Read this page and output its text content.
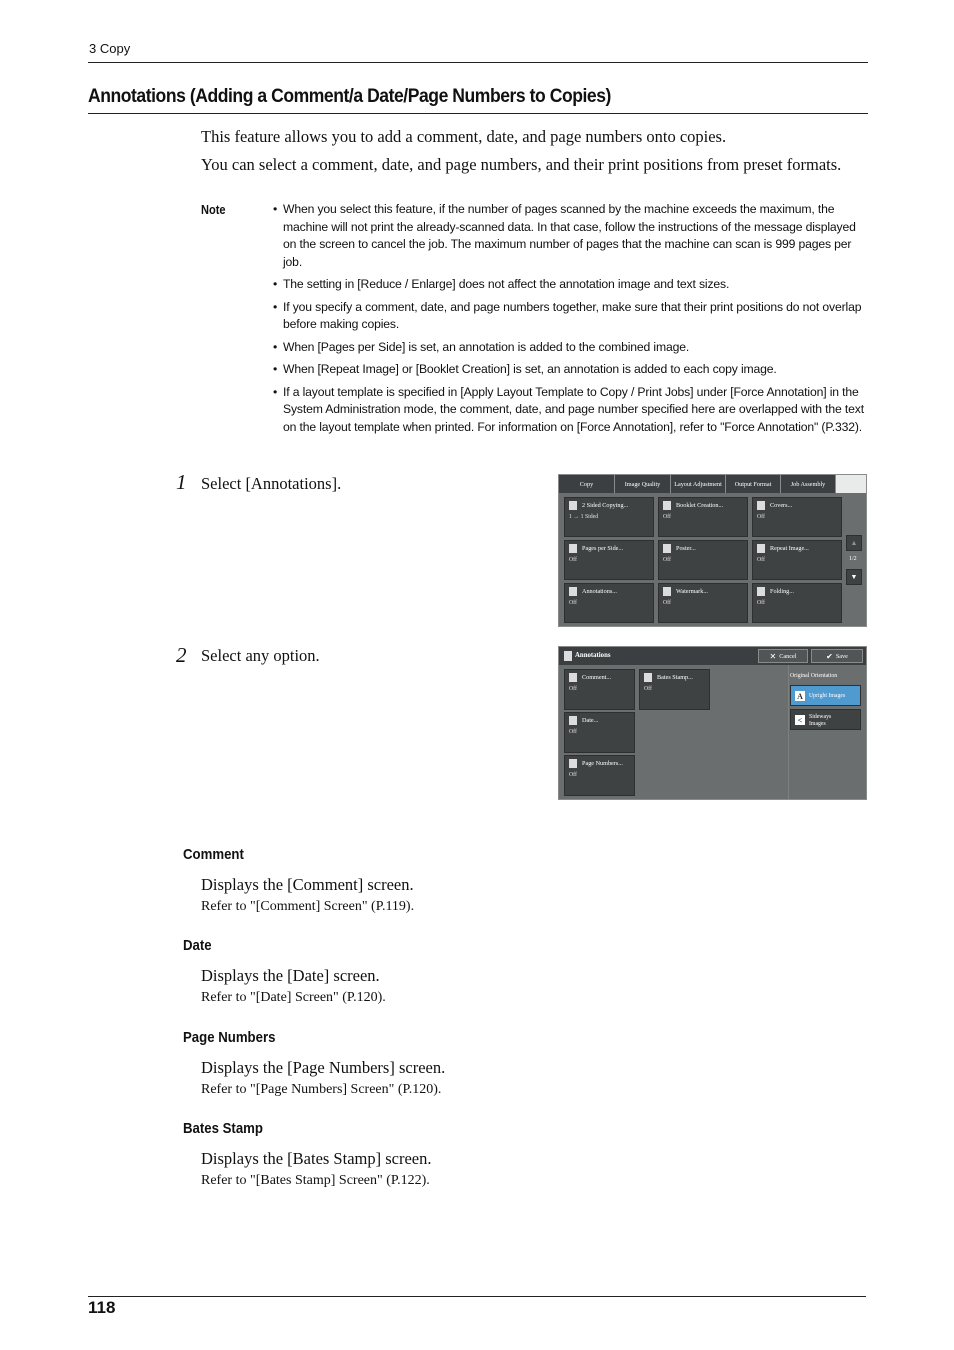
3 Copy
Annotations (Adding a Comment/a Date/Page Numbers to Copies)
This feature allows you to add a comment, date, and page numbers onto copies.
You can select a comment, date, and page numbers, and their print positions from preset formats.
Note	• When you select this feature, if the number of pages scanned by the machine exceeds the maximum, the machine will not print the already-scanned data. In that case, follow the instructions of the message displayed on the screen to cancel the job. The maximum number of pages that the machine can scan is 999 pages per job.
• The setting in [Reduce / Enlarge] does not affect the annotation image and text sizes.
• If you specify a comment, date, and page numbers together, make sure that their print positions do not overlap before making copies.
• When [Pages per Side] is set, an annotation is added to the combined image.
• When [Repeat Image] or [Booklet Creation] is set, an annotation is added to each copy image.
• If a layout template is specified in [Apply Layout Template to Copy / Print Jobs] under [Force Annotation] in the System Administration mode, the comment, date, and page number specified here are overlapped with the text on the layout template when printed. For information on [Force Annotation], refer to "Force Annotation" (P.332).
1 Select [Annotations].	Copy	Image Quality Layout Adjustment Output Format	Job Assembly
2 Sided Copying...
1 → 1 Sided
Booklet Creation...
Off
Covers...
Off
Pages per Side...
Off
Poster...
Off
Repeat Image...
Off
Annotations...
Off
Watermark...
Off
Folding...
Off
▲
1/2
▼
2 Select any option.	Annotations	✕ Cancel	✔ Save
Comment...
Off
Bates Stamp...
Off
Date...
Off
Page Numbers...
Off
Original Orientation
A	Upright Images
<	Sideways Images
Comment
Displays the [Comment] screen.
Refer to "[Comment] Screen" (P.119).
Date
Displays the [Date] screen.
Refer to "[Date] Screen" (P.120).
Page Numbers
Displays the [Page Numbers] screen.
Refer to "[Page Numbers] Screen" (P.120).
Bates Stamp
Displays the [Bates Stamp] screen.
Refer to "[Bates Stamp] Screen" (P.122).
118
